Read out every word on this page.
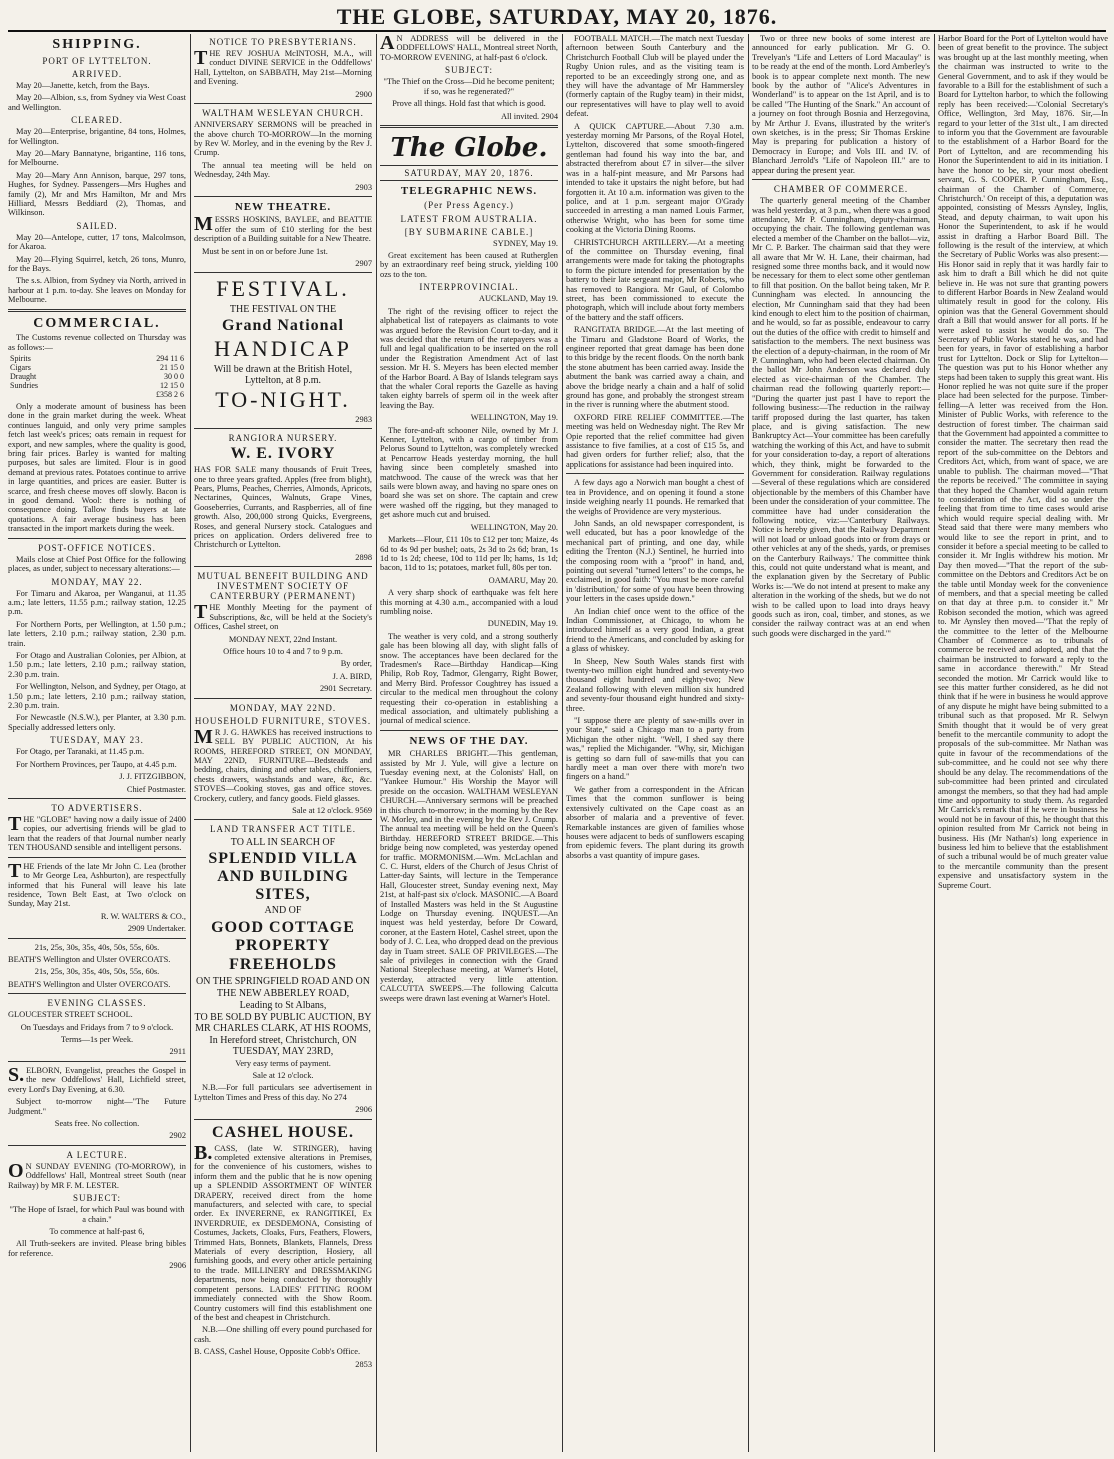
THE GLOBE, SATURDAY, MAY 20, 1876.
SHIPPING.
PORT OF LYTTELTON.
ARRIVED.

May 20—Janette, ketch, from the Bays.

May 20—Albion, s.s, from Sydney via West Coast and Wellington.

CLEARED.

May 20—Enterprise, brigantine, 84 tons, Holmes, for Wellington.

May 20—Mary Bannatyne, brigantine, 116 tons, for Melbourne.

May 20—Mary Ann Annison, barque, 297 tons, Hughes, for Sydney. Passengers—Mrs Hughes and family (2), Mr and Mrs Hamilton, Mr and Mrs Hilliard, Messrs Beddiard (2), Thomas, and Wilkinson.

SAILED.

May 20—Antelope, cutter, 17 tons, Malcolmson, for Akaroa.

May 20—Flying Squirrel, ketch, 26 tons, Munro, for the Bays.

The s.s. Albion, from Sydney via North, arrived in harbour at 1 p.m. to-day. She leaves on Monday for Melbourne.

COMMERCIAL.

The Customs revenue collected on Thursday was as follows:—

Spirits	294 11 6
Cigars	21 15 0
Draught	30 0 0
Sundries	12 15 0
	£358 2 6

Only a moderate amount of business has been done in the grain market during the week. Wheat continues languid, and only very prime samples fetch last week's prices; oats remain in request for export, and new samples, where the quality is good, bring fair prices. Barley is wanted for malting purposes, but sales are limited. Flour is in good demand at previous rates. Potatoes continue to arrive in large quantities, and prices are easier. Butter is scarce, and fresh cheese moves off slowly. Bacon is in good demand. Wool: there is nothing of consequence doing. Tallow finds buyers at late quotations. A fair average business has been transacted in the import markets during the week.

POST-OFFICE NOTICES.

Mails close at Chief Post Office for the following places, as under, subject to necessary alterations:—

MONDAY, MAY 22.

For Timaru and Akaroa, per Wanganui, at 11.35 a.m.; late letters, 11.55 p.m.; railway station, 12.25 p.m.

For Northern Ports, per Wellington, at 1.50 p.m.; late letters, 2.10 p.m.; railway station, 2.30 p.m. train.

For Otago and Australian Colonies, per Albion, at 1.50 p.m.; late letters, 2.10 p.m.; railway station, 2.30 p.m. train.

For Wellington, Nelson, and Sydney, per Otago, at 1.50 p.m.; late letters, 2.10 p.m.; railway station, 2.30 p.m. train.

For Newcastle (N.S.W.), per Planter, at 3.30 p.m. Specially addressed letters only.

TUESDAY, MAY 23.

For Otago, per Taranaki, at 11.45 p.m.

For Northern Provinces, per Taupo, at 4.45 p.m.

J. J. FITZGIBBON,
Chief Postmaster.
TO ADVERTISERS.

THE "GLOBE" having now a daily issue of 2400 copies, our advertising friends will be glad to learn that the readers of that Journal number nearly TEN THOUSAND sensible and intelligent persons.

THE Friends of the late Mr John C. Lea (brother to Mr George Lea, Ashburton), are respectfully informed that his Funeral will leave his late residence, Town Belt East, at Two o'clock on Sunday, May 21st.

R. W. WALTERS & CO.,
2909 Undertaker.

21s, 25s, 30s, 35s, 40s, 50s, 55s, 60s.

BEATH'S Wellington and Ulster OVERCOATS.

21s, 25s, 30s, 35s, 40s, 50s, 55s, 60s.

BEATH'S Wellington and Ulster OVERCOATS.

EVENING CLASSES.

GLOUCESTER STREET SCHOOL.

On Tuesdays and Fridays from 7 to 9 o'clock.

Terms—1s per Week.

2911

S.ELBORN, Evangelist, preaches the Gospel in the new Oddfellows' Hall, Lichfield street, every Lord's Day Evening, at 6.30.

Subject to-morrow night—"The Future Judgment."

Seats free. No collection.

2902
A LECTURE.

ON SUNDAY EVENING (TO-MORROW), in Oddfellows' Hall, Montreal street South (near Railway) by MR F. M. LESTER.

SUBJECT:

"The Hope of Israel, for which Paul was bound with a chain."

To commence at half-past 6,

All Truth-seekers are invited. Please bring bibles for reference.

2906
NOTICE TO PRESBYTERIANS.

THE REV JOSHUA McINTOSH, M.A., will conduct DIVINE SERVICE in the Oddfellows' Hall, Lyttelton, on SABBATH, May 21st—Morning and Evening.

2900
WALTHAM WESLEYAN CHURCH.

ANNIVERSARY SERMONS will be preached in the above church TO-MORROW—In the morning by Rev W. Morley, and in the evening by the Rev J. Crump.

The annual tea meeting will be held on Wednesday, 24th May.

2903
NEW THEATRE.

MESSRS HOSKINS, BAYLEE, and BEATTIE offer the sum of £10 sterling for the best description of a Building suitable for a New Theatre.

Must be sent in on or before June 1st.

2907
FESTIVAL.
THE FESTIVAL ON THE
Grand National
HANDICAP
Will be drawn at the British Hotel, Lyttelton, at 8 p.m.
TO-NIGHT.
2983
RANGIORA NURSERY.
W. E. IVORY

HAS FOR SALE many thousands of Fruit Trees, one to three years grafted. Apples (free from blight), Pears, Plums, Peaches, Cherries, Almonds, Apricots, Nectarines, Quinces, Walnuts, Grape Vines, Gooseberries, Currants, and Raspberries, all of fine growth. Also, 200,000 strong Quicks, Evergreens, Roses, and general Nursery stock. Catalogues and prices on application. Orders delivered free to Christchurch or Lyttelton.

2898
MUTUAL BENEFIT BUILDING AND INVESTMENT SOCIETY OF CANTERBURY (PERMANENT)

THE Monthly Meeting for the payment of Subscriptions, &c, will be held at the Society's Offices, Cashel street, on

MONDAY NEXT, 22nd Instant.

Office hours 10 to 4 and 7 to 9 p.m.

By order,
J. A. BIRD,
2901 Secretary.
MONDAY, MAY 22ND.
HOUSEHOLD FURNITURE, STOVES.

MR J. G. HAWKES has received instructions to SELL BY PUBLIC AUCTION, At his ROOMS, HEREFORD STREET, ON MONDAY, MAY 22ND, FURNITURE—Bedsteads and bedding, chairs, dining and other tables, chiffoniers, chests drawers, washstands and ware, &c, &c. STOVES—Cooking stoves, gas and office stoves. Crockery, cutlery, and fancy goods. Field glasses.

Sale at 12 o'clock. 9569
LAND TRANSFER ACT TITLE.
TO ALL IN SEARCH OF
SPLENDID VILLA AND BUILDING SITES,
AND OF
GOOD COTTAGE PROPERTY
FREEHOLDS
ON THE SPRINGFIELD ROAD AND ON THE NEW ABBERLEY ROAD,
Leading to St Albans,
TO BE SOLD BY PUBLIC AUCTION, BY MR CHARLES CLARK, AT HIS ROOMS,
In Hereford street, Christchurch, ON TUESDAY, MAY 23RD,

Very easy terms of payment.

Sale at 12 o'clock.

N.B.—For full particulars see advertisement in Lyttelton Times and Press of this day. No 274

2906
CASHEL HOUSE.

B.CASS, (late W. STRINGER), having completed extensive alterations in Premises, for the convenience of his customers, wishes to inform them and the public that he is now opening up a SPLENDID ASSORTMENT OF WINTER DRAPERY, received direct from the home manufacturers, and selected with care, to special order. Ex INVERERNE, ex RANGITIKEI, Ex INVERDRUIE, ex DESDEMONA, Consisting of Costumes, Jackets, Cloaks, Furs, Feathers, Flowers, Trimmed Hats, Bonnets, Blankets, Flannels, Dress Materials of every description, Hosiery, all furnishing goods, and every other article pertaining to the trade. MILLINERY and DRESSMAKING departments, now being conducted by thoroughly competent persons. LADIES' FITTING ROOM immediately connected with the Show Room. Country customers will find this establishment one of the best and cheapest in Christchurch.

N.B.—One shilling off every pound purchased for cash.

B. CASS, Cashel House, Opposite Cobb's Office.

2853

AN ADDRESS will be delivered in the ODDFELLOWS' HALL, Montreal street North, TO-MORROW EVENING, at half-past 6 o'clock.

SUBJECT:

"The Thief on the Cross—Did he become penitent; if so, was he regenerated?"

Prove all things. Hold fast that which is good.

All invited. 2904
The Globe.
SATURDAY, MAY 20, 1876.
TELEGRAPHIC NEWS.
(Per Press Agency.)
LATEST FROM AUSTRALIA.
[BY SUBMARINE CABLE.]
SYDNEY, May 19.

Great excitement has been caused at Rutherglen by an extraordinary reef being struck, yielding 100 ozs to the ton.

INTERPROVINCIAL.
AUCKLAND, May 19.

The right of the revising officer to reject the alphabetical list of ratepayers as claimants to vote was argued before the Revision Court to-day, and it was decided that the return of the ratepayers was a full and legal qualification to be inserted on the roll under the Registration Amendment Act of last session. Mr H. S. Meyers has been elected member of the Harbor Board. A Bay of Islands telegram says that the whaler Coral reports the Gazelle as having taken eighty barrels of sperm oil in the week after leaving the Bay.

WELLINGTON, May 19.

The fore-and-aft schooner Nile, owned by Mr J. Kenner, Lyttelton, with a cargo of timber from Pelorus Sound to Lyttelton, was completely wrecked at Pencarrow Heads yesterday morning, the hull having since been completely smashed into matchwood. The cause of the wreck was that her sails were blown away, and having no spare ones on board she was set on shore. The captain and crew were washed off the rigging, but they managed to get ashore much cut and bruised.

WELLINGTON, May 20.

Markets—Flour, £11 10s to £12 per ton; Maize, 4s 6d to 4s 9d per bushel; oats, 2s 3d to 2s 6d; bran, 1s 1d to 1s 2d; cheese, 10d to 11d per lb; hams, 1s 1d; bacon, 11d to 1s; potatoes, market full, 80s per ton.

OAMARU, May 20.

A very sharp shock of earthquake was felt here this morning at 4.30 a.m., accompanied with a loud rumbling noise.

DUNEDIN, May 19.

The weather is very cold, and a strong southerly gale has been blowing all day, with slight falls of snow. The acceptances have been declared for the Tradesmen's Race—Birthday Handicap—King Philip, Rob Roy, Tadmor, Glengarry, Right Bower, and Merry Bird. Professor Coughtrey has issued a circular to the medical men throughout the colony requesting their co-operation in establishing a medical association, and ultimately publishing a journal of medical science.

NEWS OF THE DAY.

MR CHARLES BRIGHT.—This gentleman, assisted by Mr J. Yule, will give a lecture on Tuesday evening next, at the Colonists' Hall, on "Yankee Humour." His Worship the Mayor will preside on the occasion. WALTHAM WESLEYAN CHURCH.—Anniversary sermons will be preached in this church to-morrow; in the morning by the Rev W. Morley, and in the evening by the Rev J. Crump. The annual tea meeting will be held on the Queen's Birthday. HEREFORD STREET BRIDGE.—This bridge being now completed, was yesterday opened for traffic. MORMONISM.—Wm. McLachlan and C. C. Hurst, elders of the Church of Jesus Christ of Latter-day Saints, will lecture in the Temperance Hall, Gloucester street, Sunday evening next, May 21st, at half-past six o'clock. MASONIC.—A Board of Installed Masters was held in the St Augustine Lodge on Thursday evening. INQUEST.—An inquest was held yesterday, before Dr Coward, coroner, at the Eastern Hotel, Cashel street, upon the body of J. C. Lea, who dropped dead on the previous day in Tuam street. SALE OF PRIVILEGES.—The sale of privileges in connection with the Grand National Steeplechase meeting, at Warner's Hotel, yesterday, attracted very little attention. CALCUTTA SWEEPS.—The following Calcutta sweeps were drawn last evening at Warner's Hotel.

FOOTBALL MATCH.—The match next Tuesday afternoon between South Canterbury and the Christchurch Football Club will be played under the Rugby Union rules, and as the visiting team is reported to be an exceedingly strong one, and as they will have the advantage of Mr Hammersley (formerly captain of the Rugby team) in their midst, our representatives will have to play well to avoid defeat.

A QUICK CAPTURE.—About 7.30 a.m. yesterday morning Mr Parsons, of the Royal Hotel, Lyttelton, discovered that some smooth-fingered gentleman had found his way into the bar, and abstracted therefrom about £7 in silver—the silver was in a half-pint measure, and Mr Parsons had intended to take it upstairs the night before, but had forgotten it. At 10 a.m. information was given to the police, and at 1 p.m. sergeant major O'Grady succeeded in arresting a man named Louis Farmer, otherwise Wright, who has been for some time cooking at the Victoria Dining Rooms.

CHRISTCHURCH ARTILLERY.—At a meeting of the committee on Thursday evening, final arrangements were made for taking the photographs to form the picture intended for presentation by the battery to their late sergeant major, Mr Roberts, who has removed to Rangiora. Mr Gaul, of Colombo street, has been commissioned to execute the photograph, which will include about forty members of the battery and the staff officers.

RANGITATA BRIDGE.—At the last meeting of the Timaru and Gladstone Board of Works, the engineer reported that great damage has been done to this bridge by the recent floods. On the north bank the stone abutment has been carried away. Inside the abutment the bank was carried away a chain, and above the bridge nearly a chain and a half of solid ground has gone, and probably the strongest stream in the river is running where the abutment stood.

OXFORD FIRE RELIEF COMMITTEE.—The meeting was held on Wednesday night. The Rev Mr Opie reported that the relief committee had given assistance to five families, at a cost of £15 5s, and had given orders for further relief; also, that the applications for assistance had been inquired into.

A few days ago a Norwich man bought a chest of tea in Providence, and on opening it found a stone inside weighing nearly 11 pounds. He remarked that the weighs of Providence are very mysterious.

John Sands, an old newspaper correspondent, is well educated, but has a poor knowledge of the mechanical part of printing, and one day, while editing the Trenton (N.J.) Sentinel, he hurried into the composing room with a "proof" in hand, and, pointing out several "turned letters" to the comps, he exclaimed, in good faith: "You must be more careful in 'distribution,' for some of you have been throwing your letters in the cases upside down."

An Indian chief once went to the office of the Indian Commissioner, at Chicago, to whom he introduced himself as a very good Indian, a great friend to the Americans, and concluded by asking for a glass of whiskey.

In Sheep, New South Wales stands first with twenty-two million eight hundred and seventy-two thousand eight hundred and eighty-two; New Zealand following with eleven million six hundred and seventy-four thousand eight hundred and sixty-three.

"I suppose there are plenty of saw-mills over in your State," said a Chicago man to a party from Michigan the other night. "Well, I shed say there was," replied the Michigander. "Why, sir, Michigan is getting so darn full of saw-mills that you can hardly meet a man over there with more'n two fingers on a hand."

We gather from a correspondent in the African Times that the common sunflower is being extensively cultivated on the Cape coast as an absorber of malaria and a preventive of fever. Remarkable instances are given of families whose houses were adjacent to beds of sunflowers escaping from epidemic fevers. The plant during its growth absorbs a vast quantity of impure gases.

Two or three new books of some interest are announced for early publication. Mr G. O. Trevelyan's "Life and Letters of Lord Macaulay" is to be ready at the end of the month. Lord Amberley's book is to appear complete next month. The new book by the author of "Alice's Adventures in Wonderland" is to appear on the 1st April, and is to be called "The Hunting of the Snark." An account of a journey on foot through Bosnia and Herzegovina, by Mr Arthur J. Evans, illustrated by the writer's own sketches, is in the press; Sir Thomas Erskine May is preparing for publication a history of Democracy in Europe; and Vols III. and IV. of Blanchard Jerrold's "Life of Napoleon III." are to appear during the present year.

CHAMBER OF COMMERCE.

The quarterly general meeting of the Chamber was held yesterday, at 3 p.m., when there was a good attendance, Mr P. Cunningham, deputy-chairman, occupying the chair. The following gentleman was elected a member of the Chamber on the ballot—viz, Mr C. P. Barker. The chairman said that they were all aware that Mr W. H. Lane, their chairman, had resigned some three months back, and it would now be necessary for them to elect some other gentleman to fill that position. On the ballot being taken, Mr P. Cunningham was elected. In announcing the election, Mr Cunningham said that they had been kind enough to elect him to the position of chairman, and he would, so far as possible, endeavour to carry out the duties of the office with credit to himself and satisfaction to the members. The next business was the election of a deputy-chairman, in the room of Mr P. Cunningham, who had been elected chairman. On the ballot Mr John Anderson was declared duly elected as vice-chairman of the Chamber. The chairman read the following quarterly report:— "During the quarter just past I have to report the following business:—The reduction in the railway tariff proposed during the last quarter, has taken place, and is giving satisfaction. The new Bankruptcy Act—Your committee has been carefully watching the working of this Act, and have to submit for your consideration to-day, a report of alterations which, they think, might be forwarded to the Government for consideration. Railway regulations—Several of these regulations which are considered objectionable by the members of this Chamber have been under the consideration of your committee. The committee have had under consideration the following notice, viz:—'Canterbury Railways. Notice is hereby given, that the Railway Department will not load or unload goods into or from drays or other vehicles at any of the sheds, yards, or premises on the Canterbury Railways.' The committee think this, could not quite understand what is meant, and the explanation given by the Secretary of Public Works is:—'We do not intend at present to make any alteration in the working of the sheds, but we do not wish to be called upon to load into drays heavy goods such as iron, coal, timber, and stones, as we consider the railway contract was at an end when such goods were discharged in the yard.'"

Harbor Board for the Port of Lyttelton would have been of great benefit to the province. The subject was brought up at the last monthly meeting, when the chairman was instructed to write to the General Government, and to ask if they would be favorable to a Bill for the establishment of such a Board for Lyttelton harbor, to which the following reply has been received:—'Colonial Secretary's Office, Wellington, 3rd May, 1876. Sir,—In regard to your letter of the 31st ult., I am directed to inform you that the Government are favourable to the establishment of a Harbor Board for the Port of Lyttelton, and are recommending his Honor the Superintendent to aid in its initiation. I have the honor to be, sir, your most obedient servant, G. S. COOPER. P. Cunningham, Esq., chairman of the Chamber of Commerce, Christchurch.' On receipt of this, a deputation was appointed, consisting of Messrs Aynsley, Inglis, Stead, and deputy chairman, to wait upon his Honor the Superintendent, to ask if he would assist in drafting a Harbor Board Bill. The following is the result of the interview, at which the Secretary of Public Works was also present:—His Honor said in reply that it was hardly fair to ask him to draft a Bill which he did not quite believe in. He was not sure that granting powers to different Harbor Boards in New Zealand would ultimately result in good for the colony. His opinion was that the General Government should draft a Bill that would answer for all ports. If he were asked to assist he would do so. The Secretary of Public Works stated he was, and had been for years, in favor of establishing a harbor trust for Lyttelton. Dock or Slip for Lyttelton—The question was put to his Honor whether any steps had been taken to supply this great want. His Honor replied he was not quite sure if the proper place had been selected for the purpose. Timber-felling—A letter was received from the Hon. Minister of Public Works, with reference to the destruction of forest timber. The chairman said that the Government had appointed a committee to consider the matter. The secretary then read the report of the sub-committee on the Debtors and Creditors Act, which, from want of space, we are unable to publish. The chairman moved—"That the reports be received." The committee in saying that they hoped the Chamber would again return to consideration of the Act, did so under the feeling that from time to time cases would arise which would require special dealing with. Mr Stead said that there were many members who would like to see the report in print, and to consider it before a special meeting to be called to consider it. Mr Inglis withdrew his motion. Mr Day then moved—"That the report of the sub-committee on the Debtors and Creditors Act be on the table until Monday week for the convenience of members, and that a special meeting be called on that day at three p.m. to consider it." Mr Robison seconded the motion, which was agreed to. Mr Aynsley then moved—"That the reply of the committee to the letter of the Melbourne Chamber of Commerce as to tribunals of commerce be received and adopted, and that the chairman be instructed to forward a reply to the same in accordance therewith." Mr Stead seconded the motion. Mr Carrick would like to see this matter further considered, as he did not think that if he were in business he would approve of any dispute he might have being submitted to a tribunal such as that proposed. Mr R. Selwyn Smith thought that it would be of very great benefit to the mercantile community to adopt the proposals of the sub-committee. Mr Nathan was quite in favour of the recommendations of the sub-committee, and he could not see why there should be any delay. The recommendations of the sub-committee had been printed and circulated amongst the members, so that they had had ample time and opportunity to study them. As regarded Mr Carrick's remark that if he were in business he would not be in favour of this, he thought that this opinion resulted from Mr Carrick not being in business. His (Mr Nathan's) long experience in business led him to believe that the establishment of such a tribunal would be of much greater value to the mercantile community than the present expensive and unsatisfactory system in the Supreme Court.
